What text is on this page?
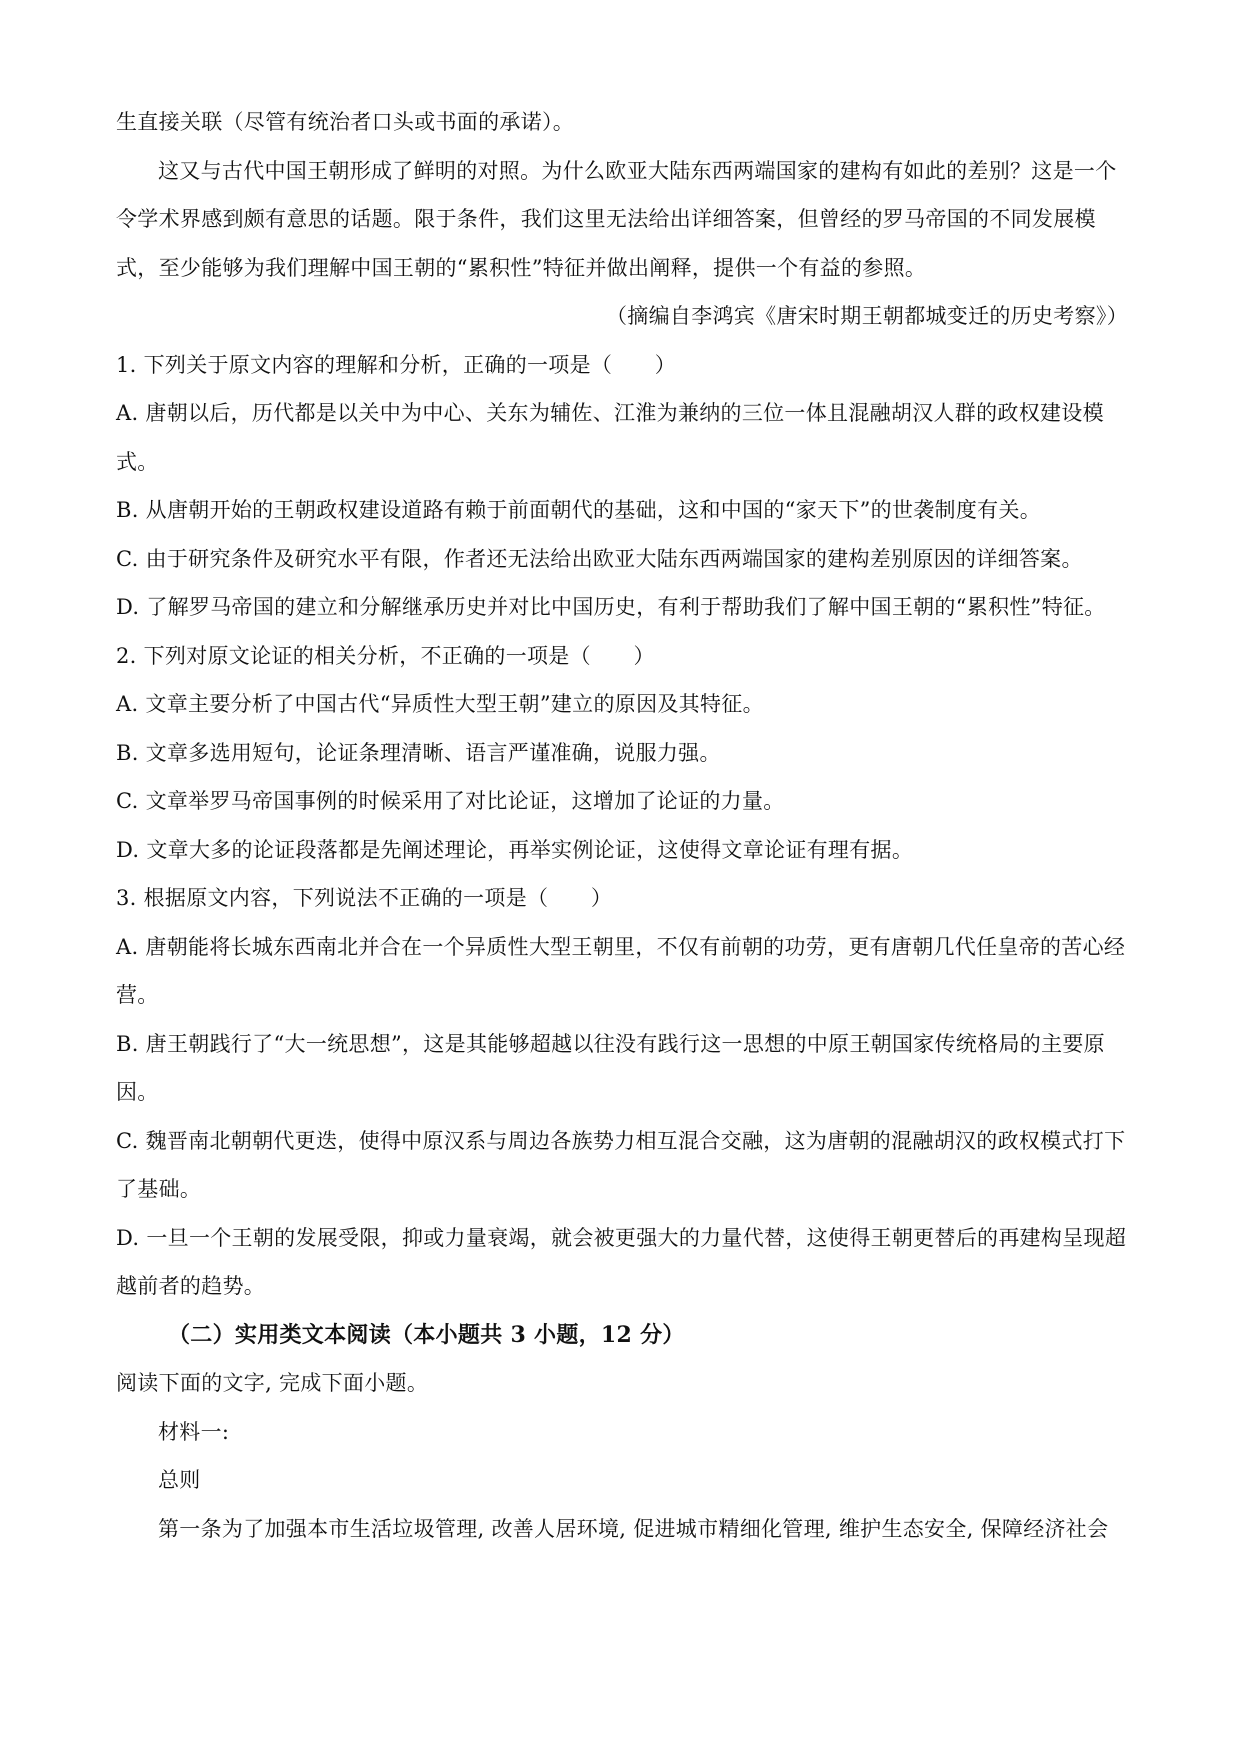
生直接关联（尽管有统治者口头或书面的承诺）。

这又与古代中国王朝形成了鲜明的对照。为什么欧亚大陆东西两端国家的建构有如此的差别？这是一个令学术界感到颇有意思的话题。限于条件，我们这里无法给出详细答案，但曾经的罗马帝国的不同发展模式，至少能够为我们理解中国王朝的“累积性”特征并做出阐释，提供一个有益的参照。

（摘编自李鸿宾《唐宋时期王朝都城变迁的历史考察》）

1. 下列关于原文内容的理解和分析，正确的一项是（　　）

A. 唐朝以后，历代都是以关中为中心、关东为辅佐、江淮为兼纳的三位一体且混融胡汉人群的政权建设模式。

B. 从唐朝开始的王朝政权建设道路有赖于前面朝代的基础，这和中国的“家天下”的世袭制度有关。

C. 由于研究条件及研究水平有限，作者还无法给出欧亚大陆东西两端国家的建构差别原因的详细答案。

D. 了解罗马帝国的建立和分解继承历史并对比中国历史，有利于帮助我们了解中国王朝的“累积性”特征。

2. 下列对原文论证的相关分析，不正确的一项是（　　）

A. 文章主要分析了中国古代“异质性大型王朝”建立的原因及其特征。

B. 文章多选用短句，论证条理清晰、语言严谨准确，说服力强。

C. 文章举罗马帝国事例的时候采用了对比论证，这增加了论证的力量。

D. 文章大多的论证段落都是先阐述理论，再举实例论证，这使得文章论证有理有据。

3. 根据原文内容，下列说法不正确的一项是（　　）

A. 唐朝能将长城东西南北并合在一个异质性大型王朝里，不仅有前朝的功劳，更有唐朝几代任皇帝的苦心经营。

B. 唐王朝践行了“大一统思想”，这是其能够超越以往没有践行这一思想的中原王朝国家传统格局的主要原因。

C. 魏晋南北朝朝代更迭，使得中原汉系与周边各族势力相互混合交融，这为唐朝的混融胡汉的政权模式打下了基础。

D. 一旦一个王朝的发展受限，抑或力量衰竭，就会被更强大的力量代替，这使得王朝更替后的再建构呈现超越前者的趋势。

（二）实用类文本阅读（本小题共 3 小题，12 分）

阅读下面的文字, 完成下面小题。

材料一:

总则

第一条为了加强本市生活垃圾管理, 改善人居环境, 促进城市精细化管理, 维护生态安全, 保障经济社会
